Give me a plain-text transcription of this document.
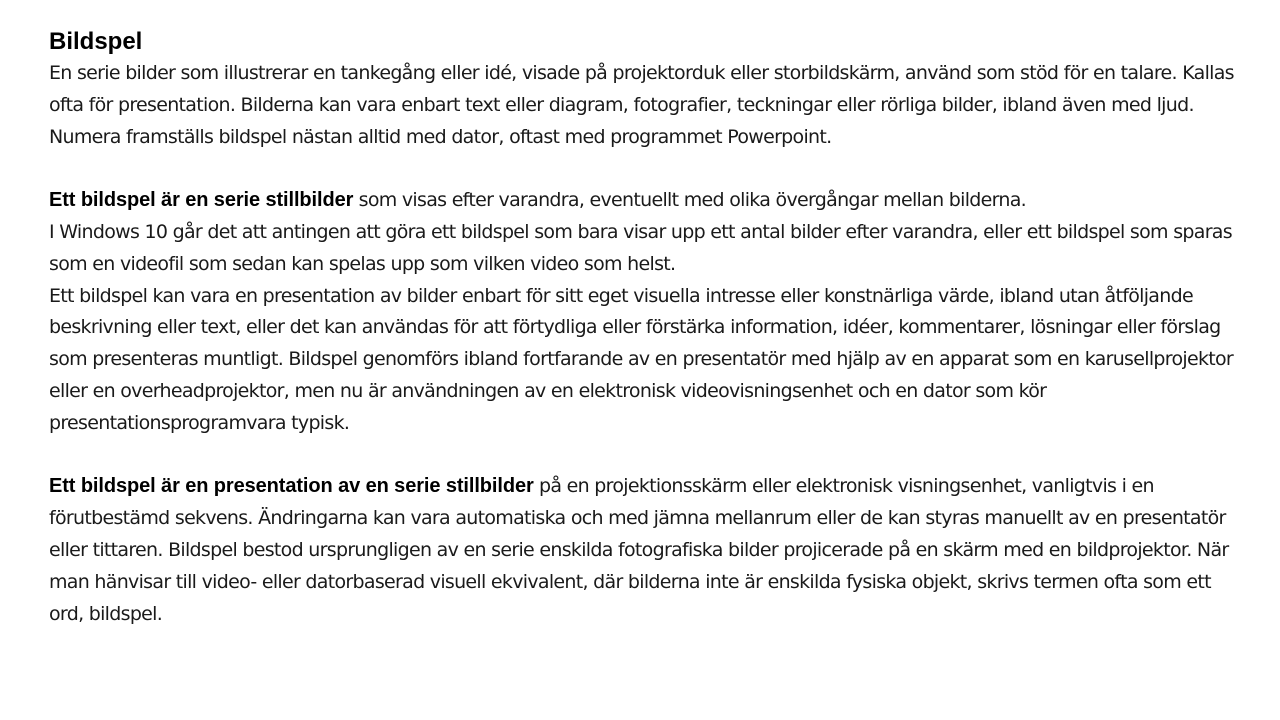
Bildspel

En serie bilder som illustrerar en tankegång eller idé, visade på projektorduk eller storbildskärm, använd som stöd för en talare. Kallas ofta för presentation. Bilderna kan vara enbart text eller diagram, fotografier, teckningar eller rörliga bilder, ibland även med ljud. Numera framställs bildspel nästan alltid med dator, oftast med programmet Powerpoint.

Ett bildspel är en serie stillbilder som visas efter varandra, eventuellt med olika övergångar mellan bilderna.

I Windows 10 går det att antingen att göra ett bildspel som bara visar upp ett antal bilder efter varandra, eller ett bildspel som sparas som en videofil som sedan kan spelas upp som vilken video som helst.

Ett bildspel kan vara en presentation av bilder enbart för sitt eget visuella intresse eller konstnärliga värde, ibland utan åtföljande beskrivning eller text, eller det kan användas för att förtydliga eller förstärka information, idéer, kommentarer, lösningar eller förslag som presenteras muntligt. Bildspel genomförs ibland fortfarande av en presentatör med hjälp av en apparat som en karusellprojektor eller en overheadprojektor, men nu är användningen av en elektronisk videovisningsenhet och en dator som kör presentationsprogramvara typisk.

Ett bildspel är en presentation av en serie stillbilder på en projektionsskärm eller elektronisk visningsenhet, vanligtvis i en förutbestämd sekvens. Ändringarna kan vara automatiska och med jämna mellanrum eller de kan styras manuellt av en presentatör eller tittaren. Bildspel bestod ursprungligen av en serie enskilda fotografiska bilder projicerade på en skärm med en bildprojektor. När man hänvisar till video- eller datorbaserad visuell ekvivalent, där bilderna inte är enskilda fysiska objekt, skrivs termen ofta som ett ord, bildspel.
